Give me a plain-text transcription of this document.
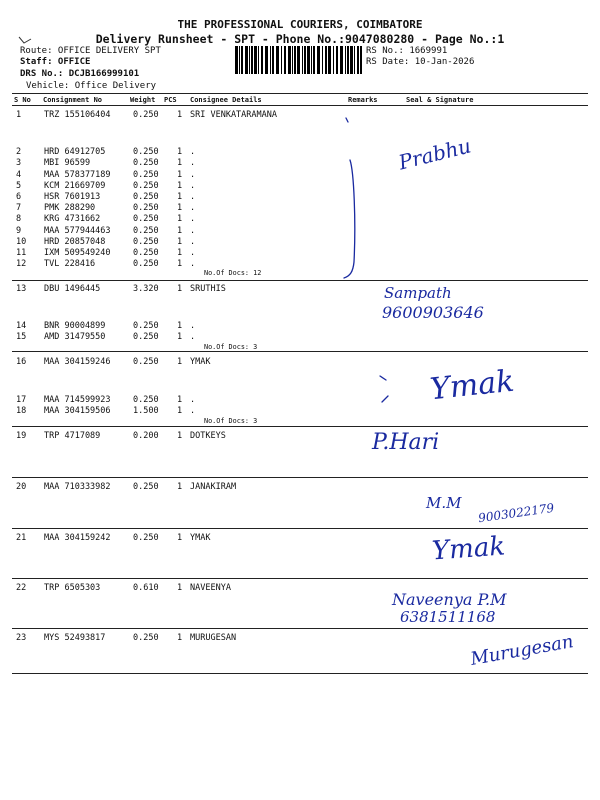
THE PROFESSIONAL COURIERS, COIMBATORE
Delivery Runsheet - SPT - Phone No.:9047080280 - Page No.:1
Route: OFFICE DELIVERY SPT
Staff: OFFICE
DRS No.: DCJB166999101
Vehicle: Office Delivery
RS No.: 1669991
RS Date: 10-Jan-2026
S No Consignment No	Weight PCS Consignee Details	Remarks	Seal & Signature
1	TRZ 155106404	0.250 1 SRI VENKATARAMANA
2	HRD 64912705	0.250 1 .
3	MBI 96599	0.250 1 .
4	MAA 578377189	0.250 1 .
5	KCM 21669709	0.250 1 .
6	HSR 7601913	0.250 1 .
7	PMK 288290	0.250 1 .
8	KRG 4731662	0.250 1 .
9	MAA 577944463	0.250 1 .
10 HRD 20857048	0.250 1 .
11 IXM 509549240	0.250 1 .
12 TVL 228416	0.250 1 .
13 DBU 1496445	3.320 1 SRUTHIS
14 BNR 90004899	0.250 1 .
15 AMD 31479550	0.250 1 .
16 MAA 304159246	0.250 1 YMAK
17 MAA 714599923	0.250 1 .
18 MAA 304159506	1.500 1 .
19 TRP 4717089	0.200 1 DOTKEYS
20 MAA 710333982	0.250 1 JANAKIRAM
21 MAA 304159242	0.250 1 YMAK
22 TRP 6505303	0.610 1 NAVEENYA
23 MYS 52493817	0.250 1 MURUGESAN
No.Of Docs: 12
No.Of Docs: 3
No.Of Docs: 3
Prabhu
Sampath
9600903646
Ymak
P.Hari
M.M 9003022179
Ymak
Naveenya P.M
6381511168
Murugesan
